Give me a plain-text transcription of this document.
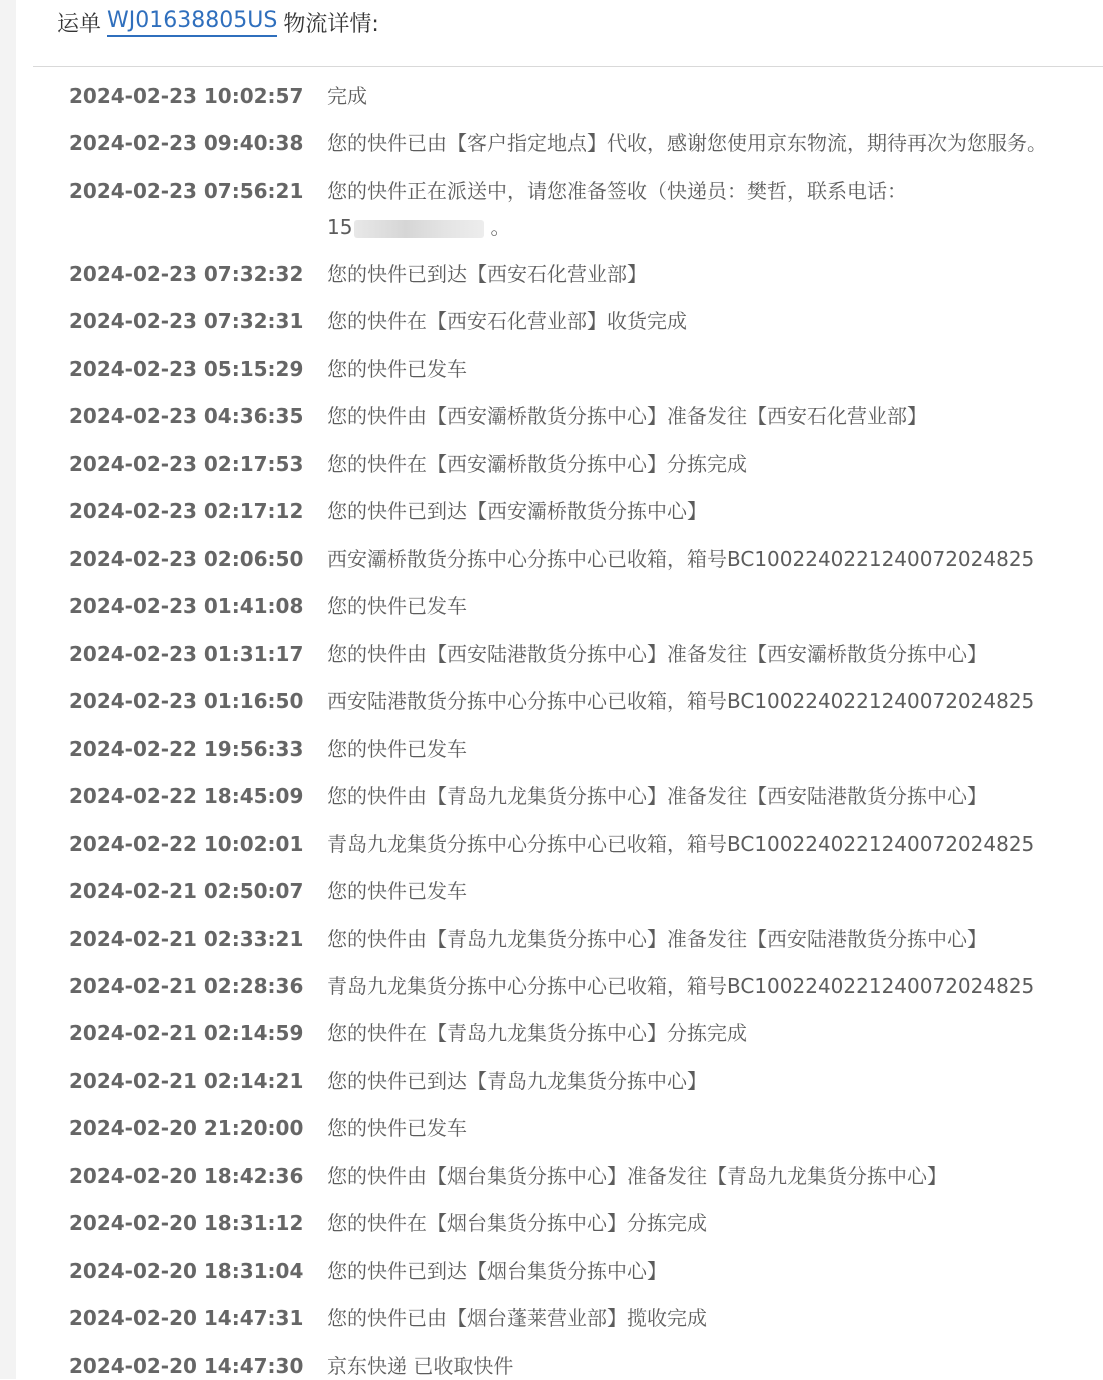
运单 WJ01638805US 物流详情:
2024-02-23 10:02:57 完成
2024-02-23 09:40:38 您的快件已由【客户指定地点】代收，感谢您使用京东物流，期待再次为您服务。
2024-02-23 07:56:21 您的快件正在派送中，请您准备签收（快递员：樊哲，联系电话：
15	。
2024-02-23 07:32:32 您的快件已到达【西安石化营业部】
2024-02-23 07:32:31 您的快件在【西安石化营业部】收货完成
2024-02-23 05:15:29 您的快件已发车
2024-02-23 04:36:35 您的快件由【西安灞桥散货分拣中心】准备发往【西安石化营业部】
2024-02-23 02:17:53 您的快件在【西安灞桥散货分拣中心】分拣完成
2024-02-23 02:17:12 您的快件已到达【西安灞桥散货分拣中心】
2024-02-23 02:06:50 西安灞桥散货分拣中心分拣中心已收箱，箱号BC1002240221240072024825
2024-02-23 01:41:08 您的快件已发车
2024-02-23 01:31:17 您的快件由【西安陆港散货分拣中心】准备发往【西安灞桥散货分拣中心】
2024-02-23 01:16:50 西安陆港散货分拣中心分拣中心已收箱，箱号BC1002240221240072024825
2024-02-22 19:56:33 您的快件已发车
2024-02-22 18:45:09 您的快件由【青岛九龙集货分拣中心】准备发往【西安陆港散货分拣中心】
2024-02-22 10:02:01 青岛九龙集货分拣中心分拣中心已收箱，箱号BC1002240221240072024825
2024-02-21 02:50:07 您的快件已发车
2024-02-21 02:33:21 您的快件由【青岛九龙集货分拣中心】准备发往【西安陆港散货分拣中心】
2024-02-21 02:28:36 青岛九龙集货分拣中心分拣中心已收箱，箱号BC1002240221240072024825
2024-02-21 02:14:59 您的快件在【青岛九龙集货分拣中心】分拣完成
2024-02-21 02:14:21 您的快件已到达【青岛九龙集货分拣中心】
2024-02-20 21:20:00 您的快件已发车
2024-02-20 18:42:36 您的快件由【烟台集货分拣中心】准备发往【青岛九龙集货分拣中心】
2024-02-20 18:31:12 您的快件在【烟台集货分拣中心】分拣完成
2024-02-20 18:31:04 您的快件已到达【烟台集货分拣中心】
2024-02-20 14:47:31 您的快件已由【烟台蓬莱营业部】揽收完成
2024-02-20 14:47:30 京东快递 已收取快件
